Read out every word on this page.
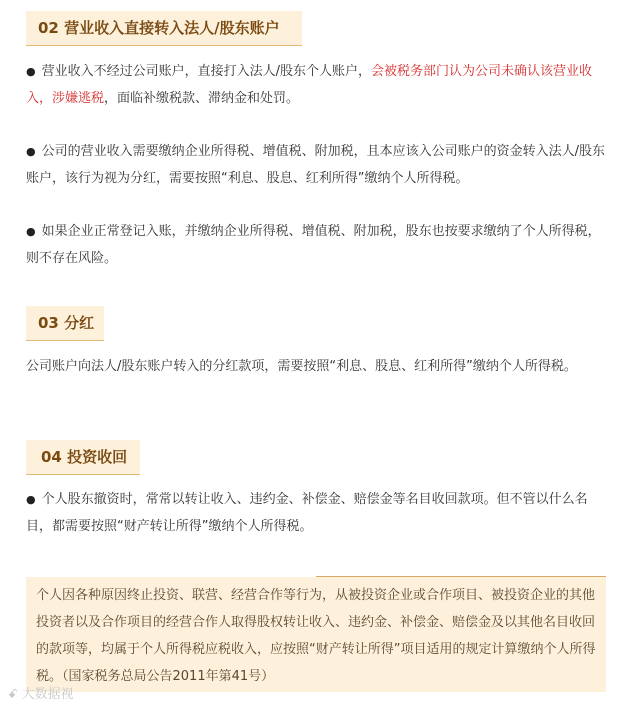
02 营业收入直接转入法人/股东账户

● 营业收入不经过公司账户，直接打入法人/股东个人账户，会被税务部门认为公司未确认该营业收入，涉嫌逃税，面临补缴税款、滞纳金和处罚。

● 公司的营业收入需要缴纳企业所得税、增值税、附加税，且本应该入公司账户的资金转入法人/股东账户，该行为视为分红，需要按照“利息、股息、红利所得”缴纳个人所得税。

● 如果企业正常登记入账，并缴纳企业所得税、增值税、附加税，股东也按要求缴纳了个人所得税，则不存在风险。

03 分红

公司账户向法人/股东账户转入的分红款项，需要按照“利息、股息、红利所得”缴纳个人所得税。

04 投资收回

● 个人股东撤资时，常常以转让收入、违约金、补偿金、赔偿金等名目收回款项。但不管以什么名目，都需要按照“财产转让所得”缴纳个人所得税。

个人因各种原因终止投资、联营、经营合作等行为，从被投资企业或合作项目、被投资企业的其他投资者以及合作项目的经营合作人取得股权转让收入、违约金、补偿金、赔偿金及以其他名目收回的款项等，均属于个人所得税应税收入，应按照“财产转让所得”项目适用的规定计算缴纳个人所得税。（国家税务总局公告2011年第41号）
ꗃ 大数据视
